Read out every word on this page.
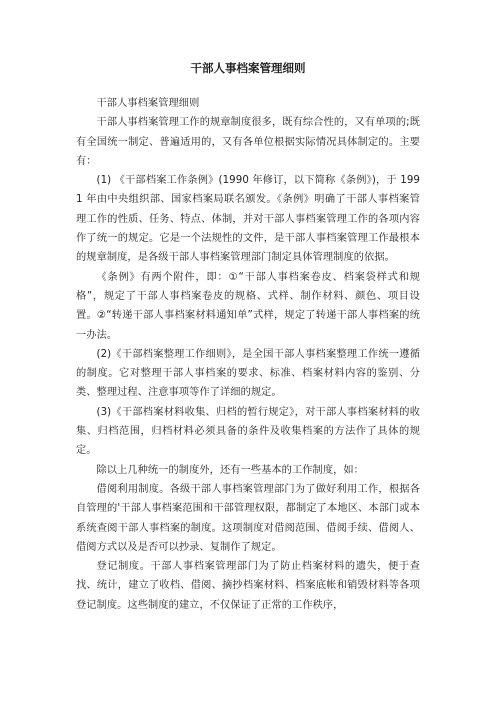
干部人事档案管理细则

干部人事档案管理细则

干部人事档案管理工作的规章制度很多，既有综合性的，又有单项的;既有全国统一制定、普遍适用的，又有各单位根据实际情况具体制定的。主要有：

(1) 《干部档案工作条例》(1990 年修订，以下简称《条例》)，于 1991 年由中央组织部、国家档案局联名颁发。《条例》明确了干部人事档案管理工作的性质、任务、特点、体制，并对干部人事档案管理工作的各项内容作了统一的规定。它是一个法规性的文件，是干部人事档案管理工作最根本的规章制度，是各级干部人事档案管理部门制定具体管理制度的依据。

《条例》有两个附件，即：①“干部人事档案卷皮、档案袋样式和规格”，规定了干部人事档案卷皮的规格、式样、制作材料、颜色、项目设置。②“转递干部人事档案材料通知单”式样，规定了转递干部人事档案的统一办法。

(2)《干部档案整理工作细则》，是全国干部人事档案整理工作统一遵循的制度。它对整理干部人事档案的要求、标准、档案材料内容的鉴别、分类、整理过程、注意事项等作了详细的规定。

(3)《干部档案材料收集、归档的暂行规定》，对干部人事档案材料的收集、归档范围，归档材料必须具备的条件及收集档案的方法作了具体的规定。

除以上几种统一的制度外，还有一些基本的工作制度，如：

借阅利用制度。各级干部人事档案管理部门为了做好利用工作，根据各自管理的'干部人事档案范围和干部管理权限，都制定了本地区、本部门或本系统查阅干部人事档案的制度。这项制度对借阅范围、借阅手续、借阅人、借阅方式以及是否可以抄录、复制作了规定。

登记制度。干部人事档案管理部门为了防止档案材料的遗失，便于查找、统计，建立了收档、借阅、摘抄档案材料、档案底帐和销毁材料等各项登记制度。这些制度的建立，不仅保证了正常的工作秩序，
